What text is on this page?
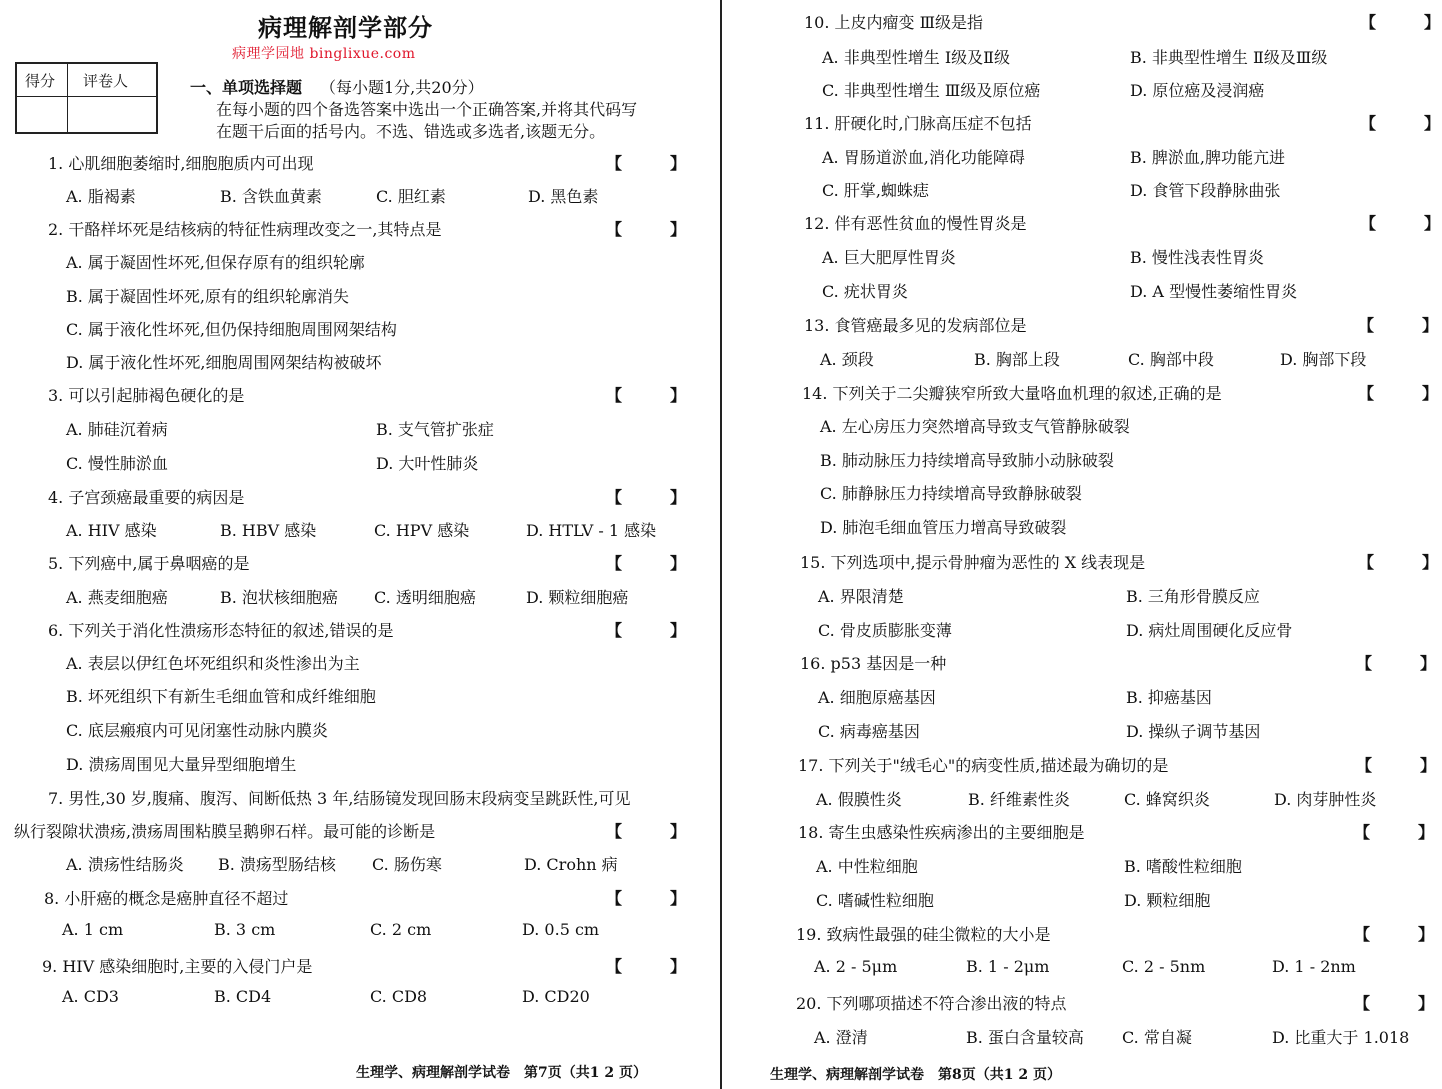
病理解剖学部分
病理学园地 binglixue.com
得分 评卷人	一、单项选择题 （每小题1分,共20分）
在每小题的四个备选答案中选出一个正确答案,并将其代码写
在题干后面的括号内。不选、错选或多选者,该题无分。
1. 心肌细胞萎缩时,细胞胞质内可出现	【　　　】
A. 脂褐素	B. 含铁血黄素	C. 胆红素	D. 黑色素
2. 干酪样坏死是结核病的特征性病理改变之一,其特点是	【　　　】
A. 属于凝固性坏死,但保存原有的组织轮廓
B. 属于凝固性坏死,原有的组织轮廓消失
C. 属于液化性坏死,但仍保持细胞周围网架结构
D. 属于液化性坏死,细胞周围网架结构被破坏
3. 可以引起肺褐色硬化的是	【　　　】
A. 肺硅沉着病	B. 支气管扩张症
C. 慢性肺淤血	D. 大叶性肺炎
4. 子宫颈癌最重要的病因是	【　　　】
A. HIV 感染	B. HBV 感染	C. HPV 感染	D. HTLV - 1 感染
5. 下列癌中,属于鼻咽癌的是	【　　　】
A. 燕麦细胞癌	B. 泡状核细胞癌 C. 透明细胞癌	D. 颗粒细胞癌
6. 下列关于消化性溃疡形态特征的叙述,错误的是	【　　　】
A. 表层以伊红色坏死组织和炎性渗出为主
B. 坏死组织下有新生毛细血管和成纤维细胞
C. 底层瘢痕内可见闭塞性动脉内膜炎
D. 溃疡周围见大量异型细胞增生
7. 男性,30 岁,腹痛、腹泻、间断低热 3 年,结肠镜发现回肠末段病变呈跳跃性,可见
纵行裂隙状溃疡,溃疡周围粘膜呈鹅卵石样。最可能的诊断是	【　　　】
A. 溃疡性结肠炎 B. 溃疡型肠结核 C. 肠伤寒	D. Crohn 病
8. 小肝癌的概念是癌肿直径不超过	【　　　】
A. 1 cm	B. 3 cm	C. 2 cm	D. 0.5 cm
9. HIV 感染细胞时,主要的入侵门户是	【　　　】
A. CD3	B. CD4	C. CD8	D. CD20
生理学、病理解剖学试卷　第7页（共1 2 页）
10. 上皮内瘤变 Ⅲ级是指	【　　　】
A. 非典型性增生 Ⅰ级及Ⅱ级	B. 非典型性增生 Ⅱ级及Ⅲ级
C. 非典型性增生 Ⅲ级及原位癌	D. 原位癌及浸润癌
11. 肝硬化时,门脉高压症不包括	【　　　】
A. 胃肠道淤血,消化功能障碍	B. 脾淤血,脾功能亢进
C. 肝掌,蜘蛛痣	D. 食管下段静脉曲张
12. 伴有恶性贫血的慢性胃炎是	【　　　】
A. 巨大肥厚性胃炎	B. 慢性浅表性胃炎
C. 疣状胃炎	D. A 型慢性萎缩性胃炎
13. 食管癌最多见的发病部位是	【　　　】
A. 颈段	B. 胸部上段	C. 胸部中段	D. 胸部下段
14. 下列关于二尖瓣狭窄所致大量咯血机理的叙述,正确的是	【　　　】
A. 左心房压力突然增高导致支气管静脉破裂
B. 肺动脉压力持续增高导致肺小动脉破裂
C. 肺静脉压力持续增高导致静脉破裂
D. 肺泡毛细血管压力增高导致破裂
15. 下列选项中,提示骨肿瘤为恶性的 X 线表现是	【　　　】
A. 界限清楚	B. 三角形骨膜反应
C. 骨皮质膨胀变薄	D. 病灶周围硬化反应骨
16. p53 基因是一种	【　　　】
A. 细胞原癌基因	B. 抑癌基因
C. 病毒癌基因	D. 操纵子调节基因
17. 下列关于"绒毛心"的病变性质,描述最为确切的是	【　　　】
A. 假膜性炎	B. 纤维素性炎	C. 蜂窝织炎	D. 肉芽肿性炎
18. 寄生虫感染性疾病渗出的主要细胞是	【　　　】
A. 中性粒细胞	B. 嗜酸性粒细胞
C. 嗜碱性粒细胞	D. 颗粒细胞
19. 致病性最强的硅尘微粒的大小是	【　　　】
A. 2 - 5μm	B. 1 - 2μm	C. 2 - 5nm	D. 1 - 2nm
20. 下列哪项描述不符合渗出液的特点	【　　　】
A. 澄清	B. 蛋白含量较高 C. 常自凝	D. 比重大于 1.018
生理学、病理解剖学试卷　第8页（共1 2 页）
